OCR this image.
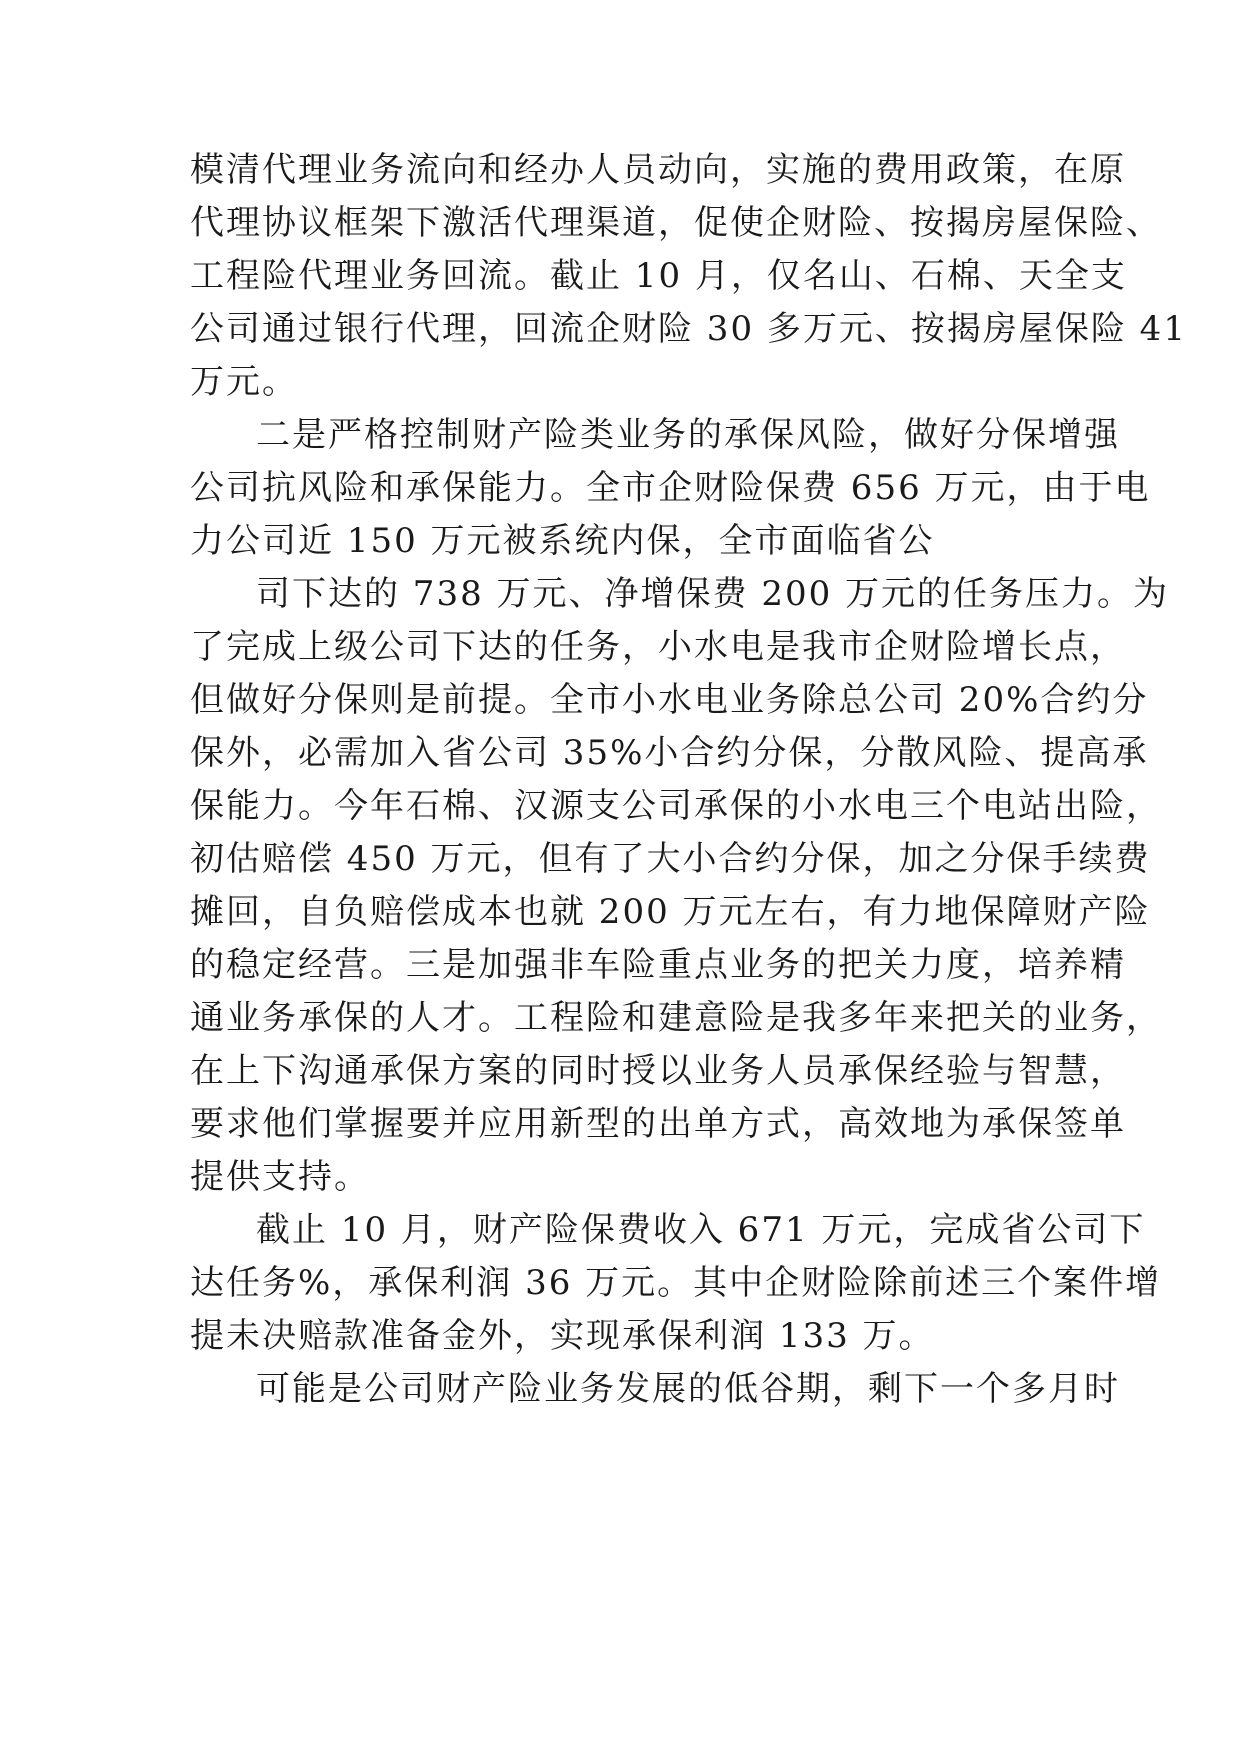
模清代理业务流向和经办人员动向，实施的费用政策，在原
代理协议框架下激活代理渠道，促使企财险、按揭房屋保险、
工程险代理业务回流。截止 10 月，仅名山、石棉、天全支
公司通过银行代理，回流企财险 30 多万元、按揭房屋保险 41
万元。
二是严格控制财产险类业务的承保风险，做好分保增强
公司抗风险和承保能力。全市企财险保费 656 万元，由于电
力公司近 150 万元被系统内保，全市面临省公
司下达的 738 万元、净增保费 200 万元的任务压力。为
了完成上级公司下达的任务，小水电是我市企财险增长点，
但做好分保则是前提。全市小水电业务除总公司 20%合约分
保外，必需加入省公司 35%小合约分保，分散风险、提高承
保能力。今年石棉、汉源支公司承保的小水电三个电站出险，
初估赔偿 450 万元，但有了大小合约分保，加之分保手续费
摊回，自负赔偿成本也就 200 万元左右，有力地保障财产险
的稳定经营。三是加强非车险重点业务的把关力度，培养精
通业务承保的人才。工程险和建意险是我多年来把关的业务，
在上下沟通承保方案的同时授以业务人员承保经验与智慧，
要求他们掌握要并应用新型的出单方式，高效地为承保签单
提供支持。
截止 10 月，财产险保费收入 671 万元，完成省公司下
达任务%，承保利润 36 万元。其中企财险除前述三个案件增
提未决赔款准备金外，实现承保利润 133 万。
可能是公司财产险业务发展的低谷期，剩下一个多月时
